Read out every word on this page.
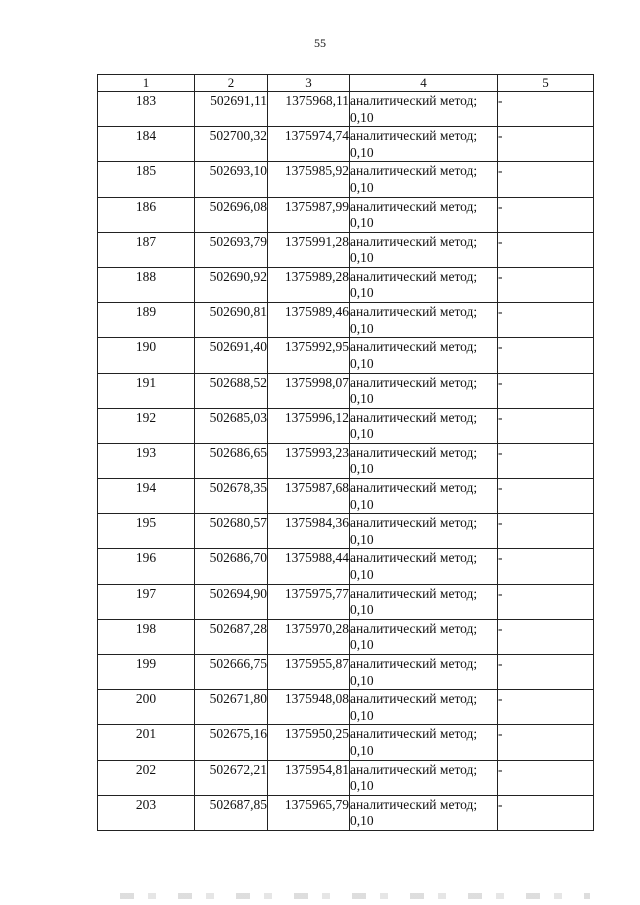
55
1	2	3	4	5
183	502691,11	1375968,11	аналитический метод; 0,10	-
184	502700,32	1375974,74	аналитический метод; 0,10	-
185	502693,10	1375985,92	аналитический метод; 0,10	-
186	502696,08	1375987,99	аналитический метод; 0,10	-
187	502693,79	1375991,28	аналитический метод; 0,10	-
188	502690,92	1375989,28	аналитический метод; 0,10	-
189	502690,81	1375989,46	аналитический метод; 0,10	-
190	502691,40	1375992,95	аналитический метод; 0,10	-
191	502688,52	1375998,07	аналитический метод; 0,10	-
192	502685,03	1375996,12	аналитический метод; 0,10	-
193	502686,65	1375993,23	аналитический метод; 0,10	-
194	502678,35	1375987,68	аналитический метод; 0,10	-
195	502680,57	1375984,36	аналитический метод; 0,10	-
196	502686,70	1375988,44	аналитический метод; 0,10	-
197	502694,90	1375975,77	аналитический метод; 0,10	-
198	502687,28	1375970,28	аналитический метод; 0,10	-
199	502666,75	1375955,87	аналитический метод; 0,10	-
200	502671,80	1375948,08	аналитический метод; 0,10	-
201	502675,16	1375950,25	аналитический метод; 0,10	-
202	502672,21	1375954,81	аналитический метод; 0,10	-
203	502687,85	1375965,79	аналитический метод; 0,10	-
